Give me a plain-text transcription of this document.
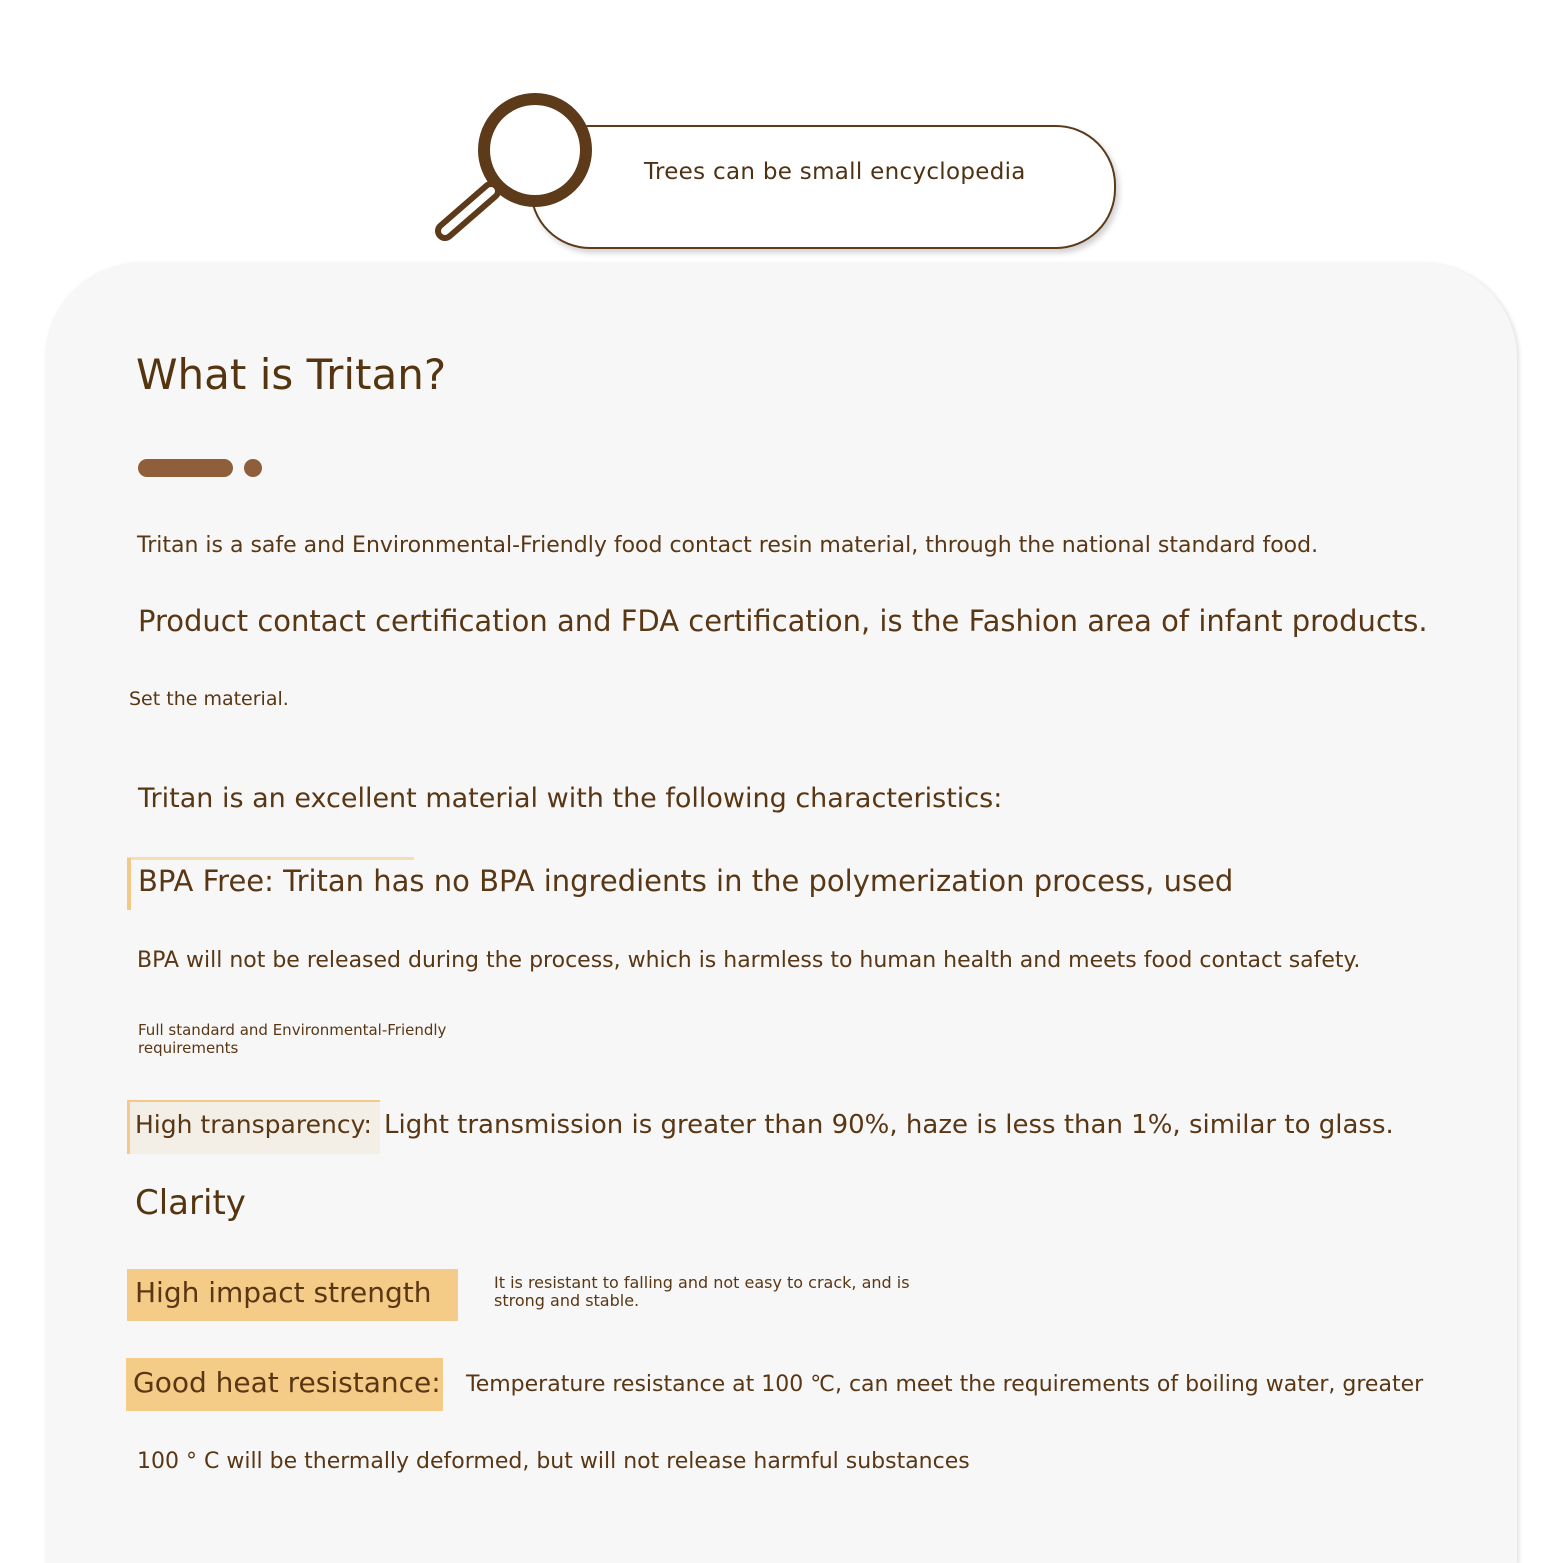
Trees can be small encyclopedia
What is Tritan?
Tritan is a safe and Environmental-Friendly food contact resin material, through the national standard food.
Product contact certification and FDA certification, is the Fashion area of infant products.
Set the material.
Tritan is an excellent material with the following characteristics:
BPA Free: Tritan has no BPA ingredients in the polymerization process, used
BPA will not be released during the process, which is harmless to human health and meets food contact safety.
Full standard and Environmental-Friendly requirements
High transparency: Light transmission is greater than 90%, haze is less than 1%, similar to glass.
Clarity
High impact strength	It is resistant to falling and not easy to crack, and is strong and stable.
Good heat resistance: Temperature resistance at 100 ℃, can meet the requirements of boiling water, greater
100 ° C will be thermally deformed, but will not release harmful substances
